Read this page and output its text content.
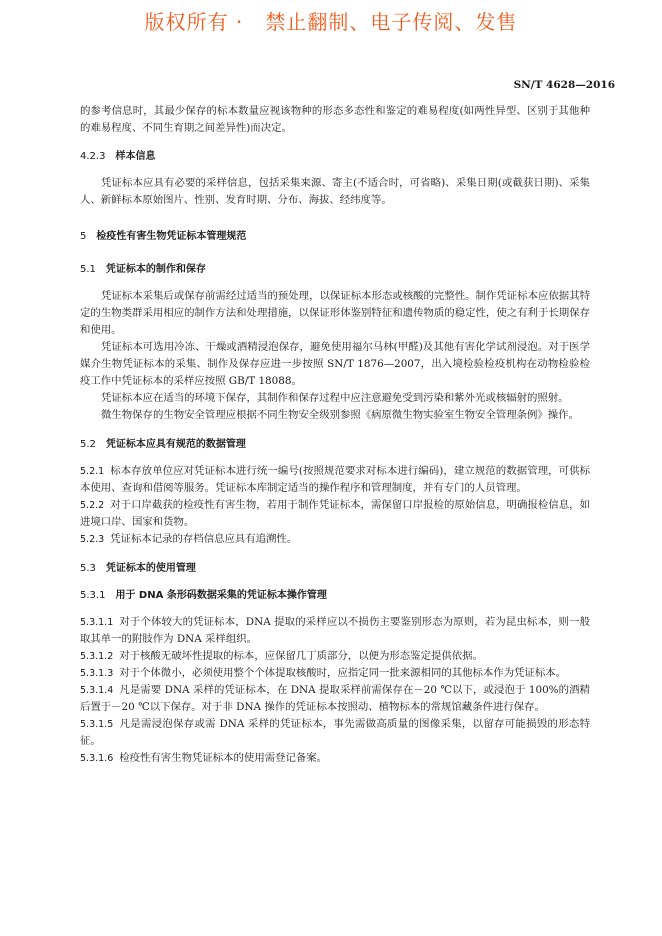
版权所有 ·   禁止翻制、电子传阅、发售
SN/T 4628—2016

的参考信息时，其最少保存的标本数量应视该物种的形态多态性和鉴定的难易程度(如两性异型、区别于其他种的难易程度、不同生育期之间差异性)而决定。

4.2.3 样本信息

凭证标本应具有必要的采样信息，包括采集来源、寄主(不适合时，可省略)、采集日期(或截获日期)、采集人、新鲜标本原始图片、性别、发育时期、分布、海拔、经纬度等。

5 检疫性有害生物凭证标本管理规范
5.1 凭证标本的制作和保存

凭证标本采集后或保存前需经过适当的预处理，以保证标本形态或核酸的完整性。制作凭证标本应依据其特定的生物类群采用相应的制作方法和处理措施，以保证形体鉴别特征和遗传物质的稳定性，使之有利于长期保存和使用。

凭证标本可选用冷冻、干燥或酒精浸泡保存，避免使用福尔马林(甲醛)及其他有害化学试剂浸泡。对于医学媒介生物凭证标本的采集、制作及保存应进一步按照 SN/T 1876—2007，出入境检验检疫机构在动物检验检疫工作中凭证标本的采样应按照 GB/T 18088。

凭证标本应在适当的环境下保存，其制作和保存过程中应注意避免受到污染和紫外光或核辐射的照射。

微生物保存的生物安全管理应根据不同生物安全级别参照《病原微生物实验室生物安全管理条例》操作。

5.2 凭证标本应具有规范的数据管理

5.2.1 标本存放单位应对凭证标本进行统一编号(按照规范要求对标本进行编码)，建立规范的数据管理，可供标本使用、查询和借阅等服务。凭证标本库制定适当的操作程序和管理制度，并有专门的人员管理。

5.2.2 对于口岸截获的检疫性有害生物，若用于制作凭证标本，需保留口岸报检的原始信息，明确报检信息，如进境口岸、国家和货物。

5.2.3 凭证标本记录的存档信息应具有追溯性。

5.3 凭证标本的使用管理
5.3.1 用于 DNA 条形码数据采集的凭证标本操作管理

5.3.1.1 对于个体较大的凭证标本，DNA 提取的采样应以不损伤主要鉴别形态为原则，若为昆虫标本，则一般取其单一的附肢作为 DNA 采样组织。

5.3.1.2 对于核酸无破坏性提取的标本，应保留几丁质部分，以便为形态鉴定提供依据。

5.3.1.3 对于个体微小，必须使用整个个体提取核酸时，应指定同一批来源相同的其他标本作为凭证标本。

5.3.1.4 凡是需要 DNA 采样的凭证标本，在 DNA 提取采样前需保存在－20 ℃以下，或浸泡于 100%的酒精后置于－20 ℃以下保存。对于非 DNA 操作的凭证标本按照动、植物标本的常规馆藏条件进行保存。

5.3.1.5 凡是需浸泡保存或需 DNA 采样的凭证标本，事先需做高质量的图像采集，以留存可能损毁的形态特征。

5.3.1.6 检疫性有害生物凭证标本的使用需登记备案。
